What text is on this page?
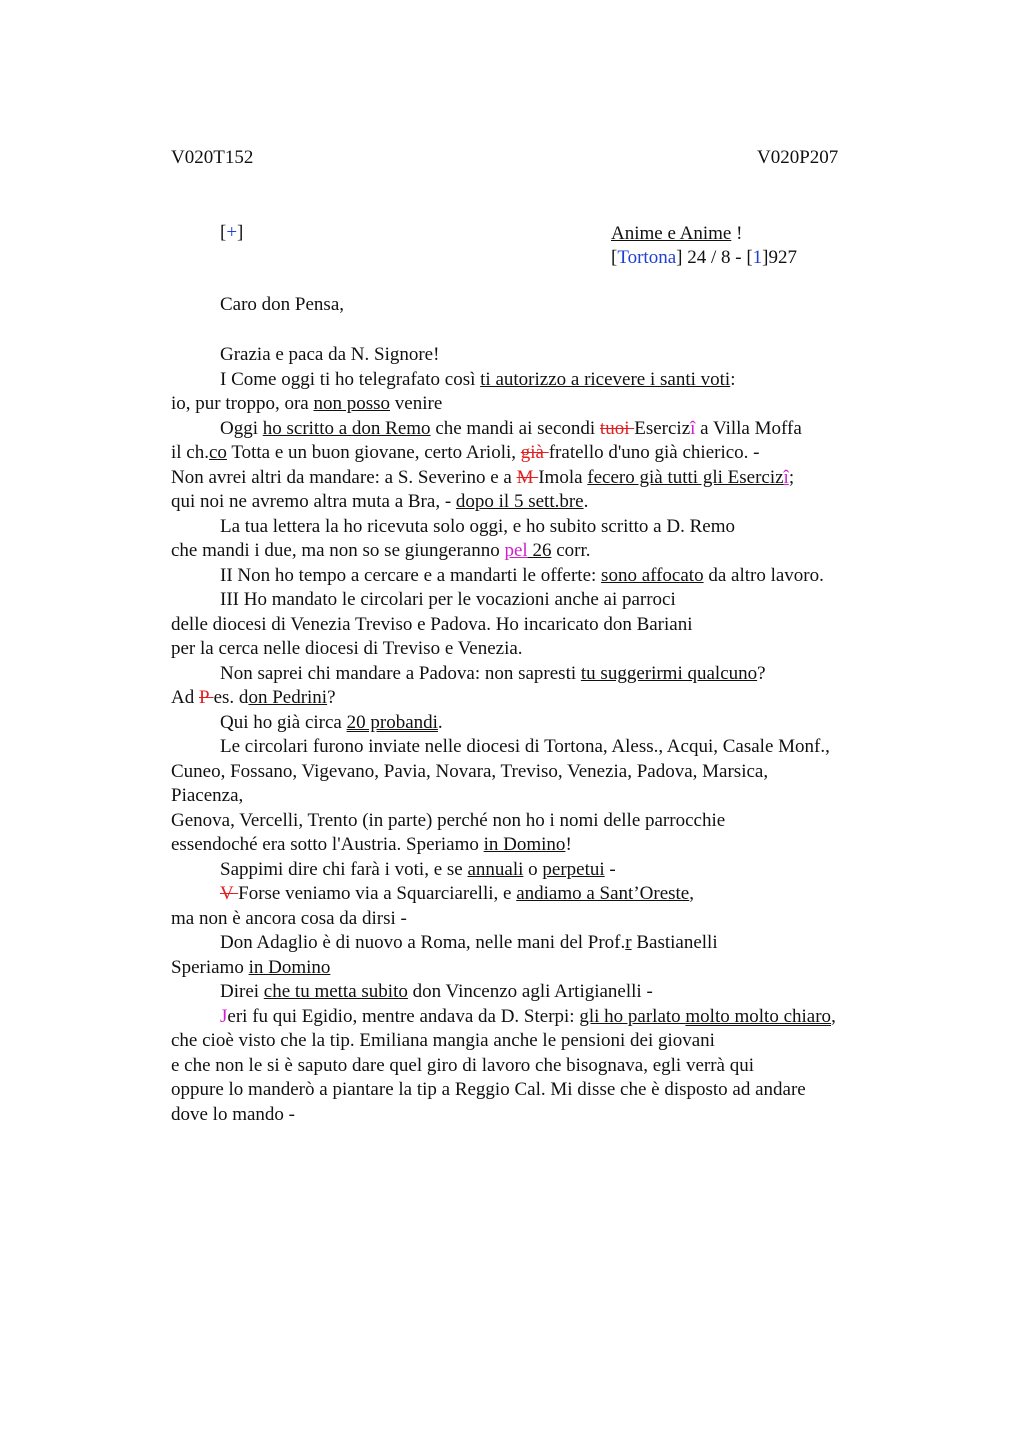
V020T152	V020P207
[+]	Anime e Anime !
[Tortona] 24 / 8 - [1]927
Caro don Pensa,
Grazia e paca da N. Signore!
I Come oggi ti ho telegrafato così ti autorizzo a ricevere i santi voti:
io, pur troppo, ora non posso venire
Oggi ho scritto a don Remo che mandi ai secondi tuoi Esercizî a Villa Moffa
il ch.co Totta e un buon giovane, certo Arioli, già fratello d'uno già chierico. -
Non avrei altri da mandare: a S. Severino e a M Imola fecero già tutti gli Esercizî;
qui noi ne avremo altra muta a Bra, - dopo il 5 sett.bre.
La tua lettera la ho ricevuta solo oggi, e ho subito scritto a D. Remo
che mandi i due, ma non so se giungeranno pel 26 corr.
II Non ho tempo a cercare e a mandarti le offerte: sono affocato da altro lavoro.
III Ho mandato le circolari per le vocazioni anche ai parroci
delle diocesi di Venezia Treviso e Padova. Ho incaricato don Bariani
per la cerca nelle diocesi di Treviso e Venezia.
Non saprei chi mandare a Padova: non sapresti tu suggerirmi qualcuno?
Ad P es. don Pedrini?
Qui ho già circa 20 probandi.
Le circolari furono inviate nelle diocesi di Tortona, Aless., Acqui, Casale Monf.,
Cuneo, Fossano, Vigevano, Pavia, Novara, Treviso, Venezia, Padova, Marsica,
Piacenza,
Genova, Vercelli, Trento (in parte) perché non ho i nomi delle parrocchie
essendoché era sotto l'Austria. Speriamo in Domino!
Sappimi dire chi farà i voti, e se annuali o perpetui -
V Forse veniamo via a Squarciarelli, e andiamo a Sant’Oreste,
ma non è ancora cosa da dirsi -
Don Adaglio è di nuovo a Roma, nelle mani del Prof.r Bastianelli
Speriamo in Domino
Direi che tu metta subito don Vincenzo agli Artigianelli -
Jeri fu qui Egidio, mentre andava da D. Sterpi: gli ho parlato molto molto chiaro,
che cioè visto che la tip. Emiliana mangia anche le pensioni dei giovani
e che non le si è saputo dare quel giro di lavoro che bisognava, egli verrà qui
oppure lo manderò a piantare la tip a Reggio Cal. Mi disse che è disposto ad andare
dove lo mando -
